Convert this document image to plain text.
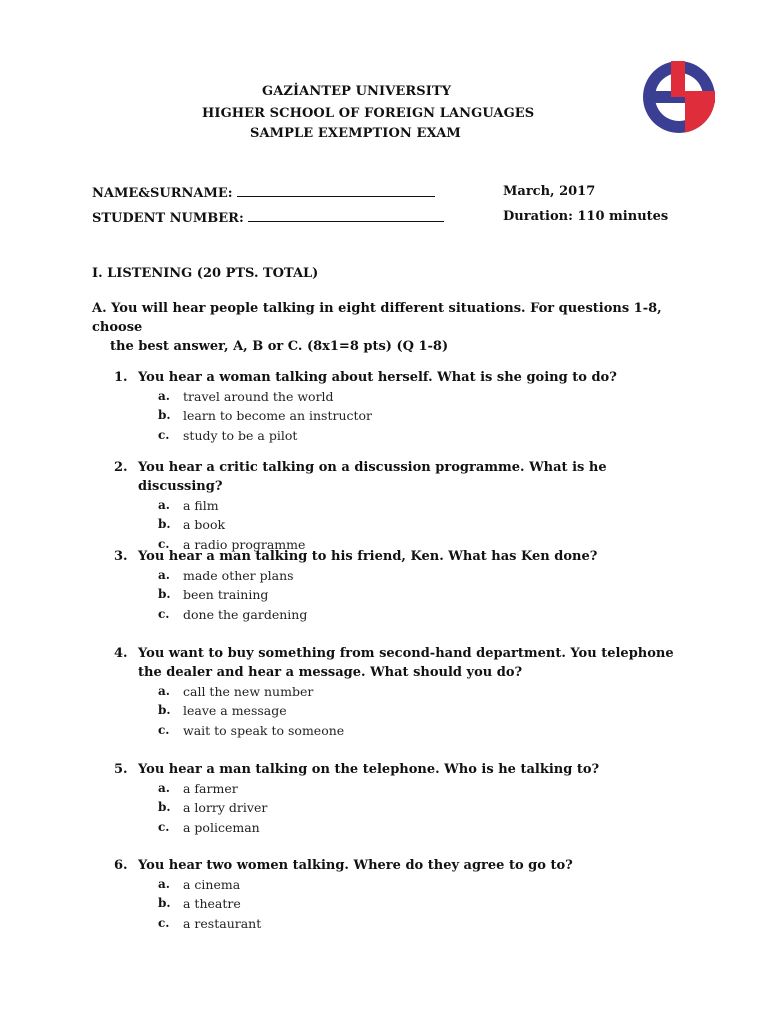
GAZİANTEP UNIVERSITY
HIGHER SCHOOL OF FOREIGN LANGUAGES
SAMPLE EXEMPTION EXAM
NAME&SURNAME:
STUDENT NUMBER:
March, 2017
Duration: 110 minutes
I. LISTENING (20 PTS. TOTAL)
A. You will hear people talking in eight different situations. For questions 1-8, choose
the best answer, A, B or C. (8x1=8 pts) (Q 1-8)
1. You hear a woman talking about herself. What is she going to do?
a. travel around the world
b. learn to become an instructor
c. study to be a pilot
2. You hear a critic talking on a discussion programme. What is he discussing?
a. a film
b. a book
c. a radio programme
3. You hear a man talking to his friend, Ken. What has Ken done?
a. made other plans
b. been training
c. done the gardening
4. You want to buy something from second-hand department. You telephone the dealer and hear a message. What should you do?
a. call the new number
b. leave a message
c. wait to speak to someone
5. You hear a man talking on the telephone. Who is he talking to?
a. a farmer
b. a lorry driver
c. a policeman
6. You hear two women talking. Where do they agree to go to?
a. a cinema
b. a theatre
c. a restaurant
